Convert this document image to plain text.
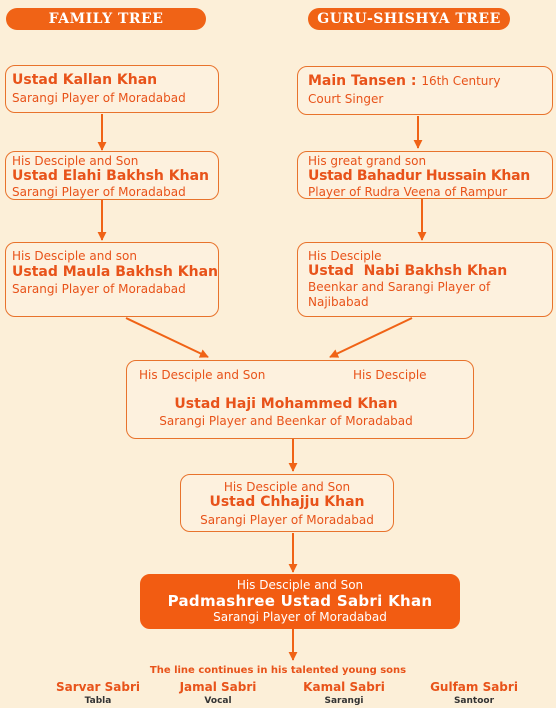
FAMILY TREE	GURU-SHISHYA TREE
Ustad Kallan Khan
Sarangi Player of Moradabad
His Desciple and Son
Ustad Elahi Bakhsh Khan
Sarangi Player of Moradabad
His Desciple and son
Ustad Maula Bakhsh Khan
Sarangi Player of Moradabad
Main Tansen : 16th Century
Court Singer
His great grand son
Ustad Bahadur Hussain Khan
Player of Rudra Veena of Rampur
His Desciple
Ustad  Nabi Bakhsh Khan
Beenkar and Sarangi Player of
Najibabad
His Desciple and Son	His Desciple
Ustad Haji Mohammed Khan
Sarangi Player and Beenkar of Moradabad
His Desciple and Son
Ustad Chhajju Khan
Sarangi Player of Moradabad
His Desciple and Son
Padmashree Ustad Sabri Khan
Sarangi Player of Moradabad
The line continues in his talented young sons
Sarvar Sabri
Tabla
Jamal Sabri
Vocal
Kamal Sabri
Sarangi
Gulfam Sabri
Santoor
